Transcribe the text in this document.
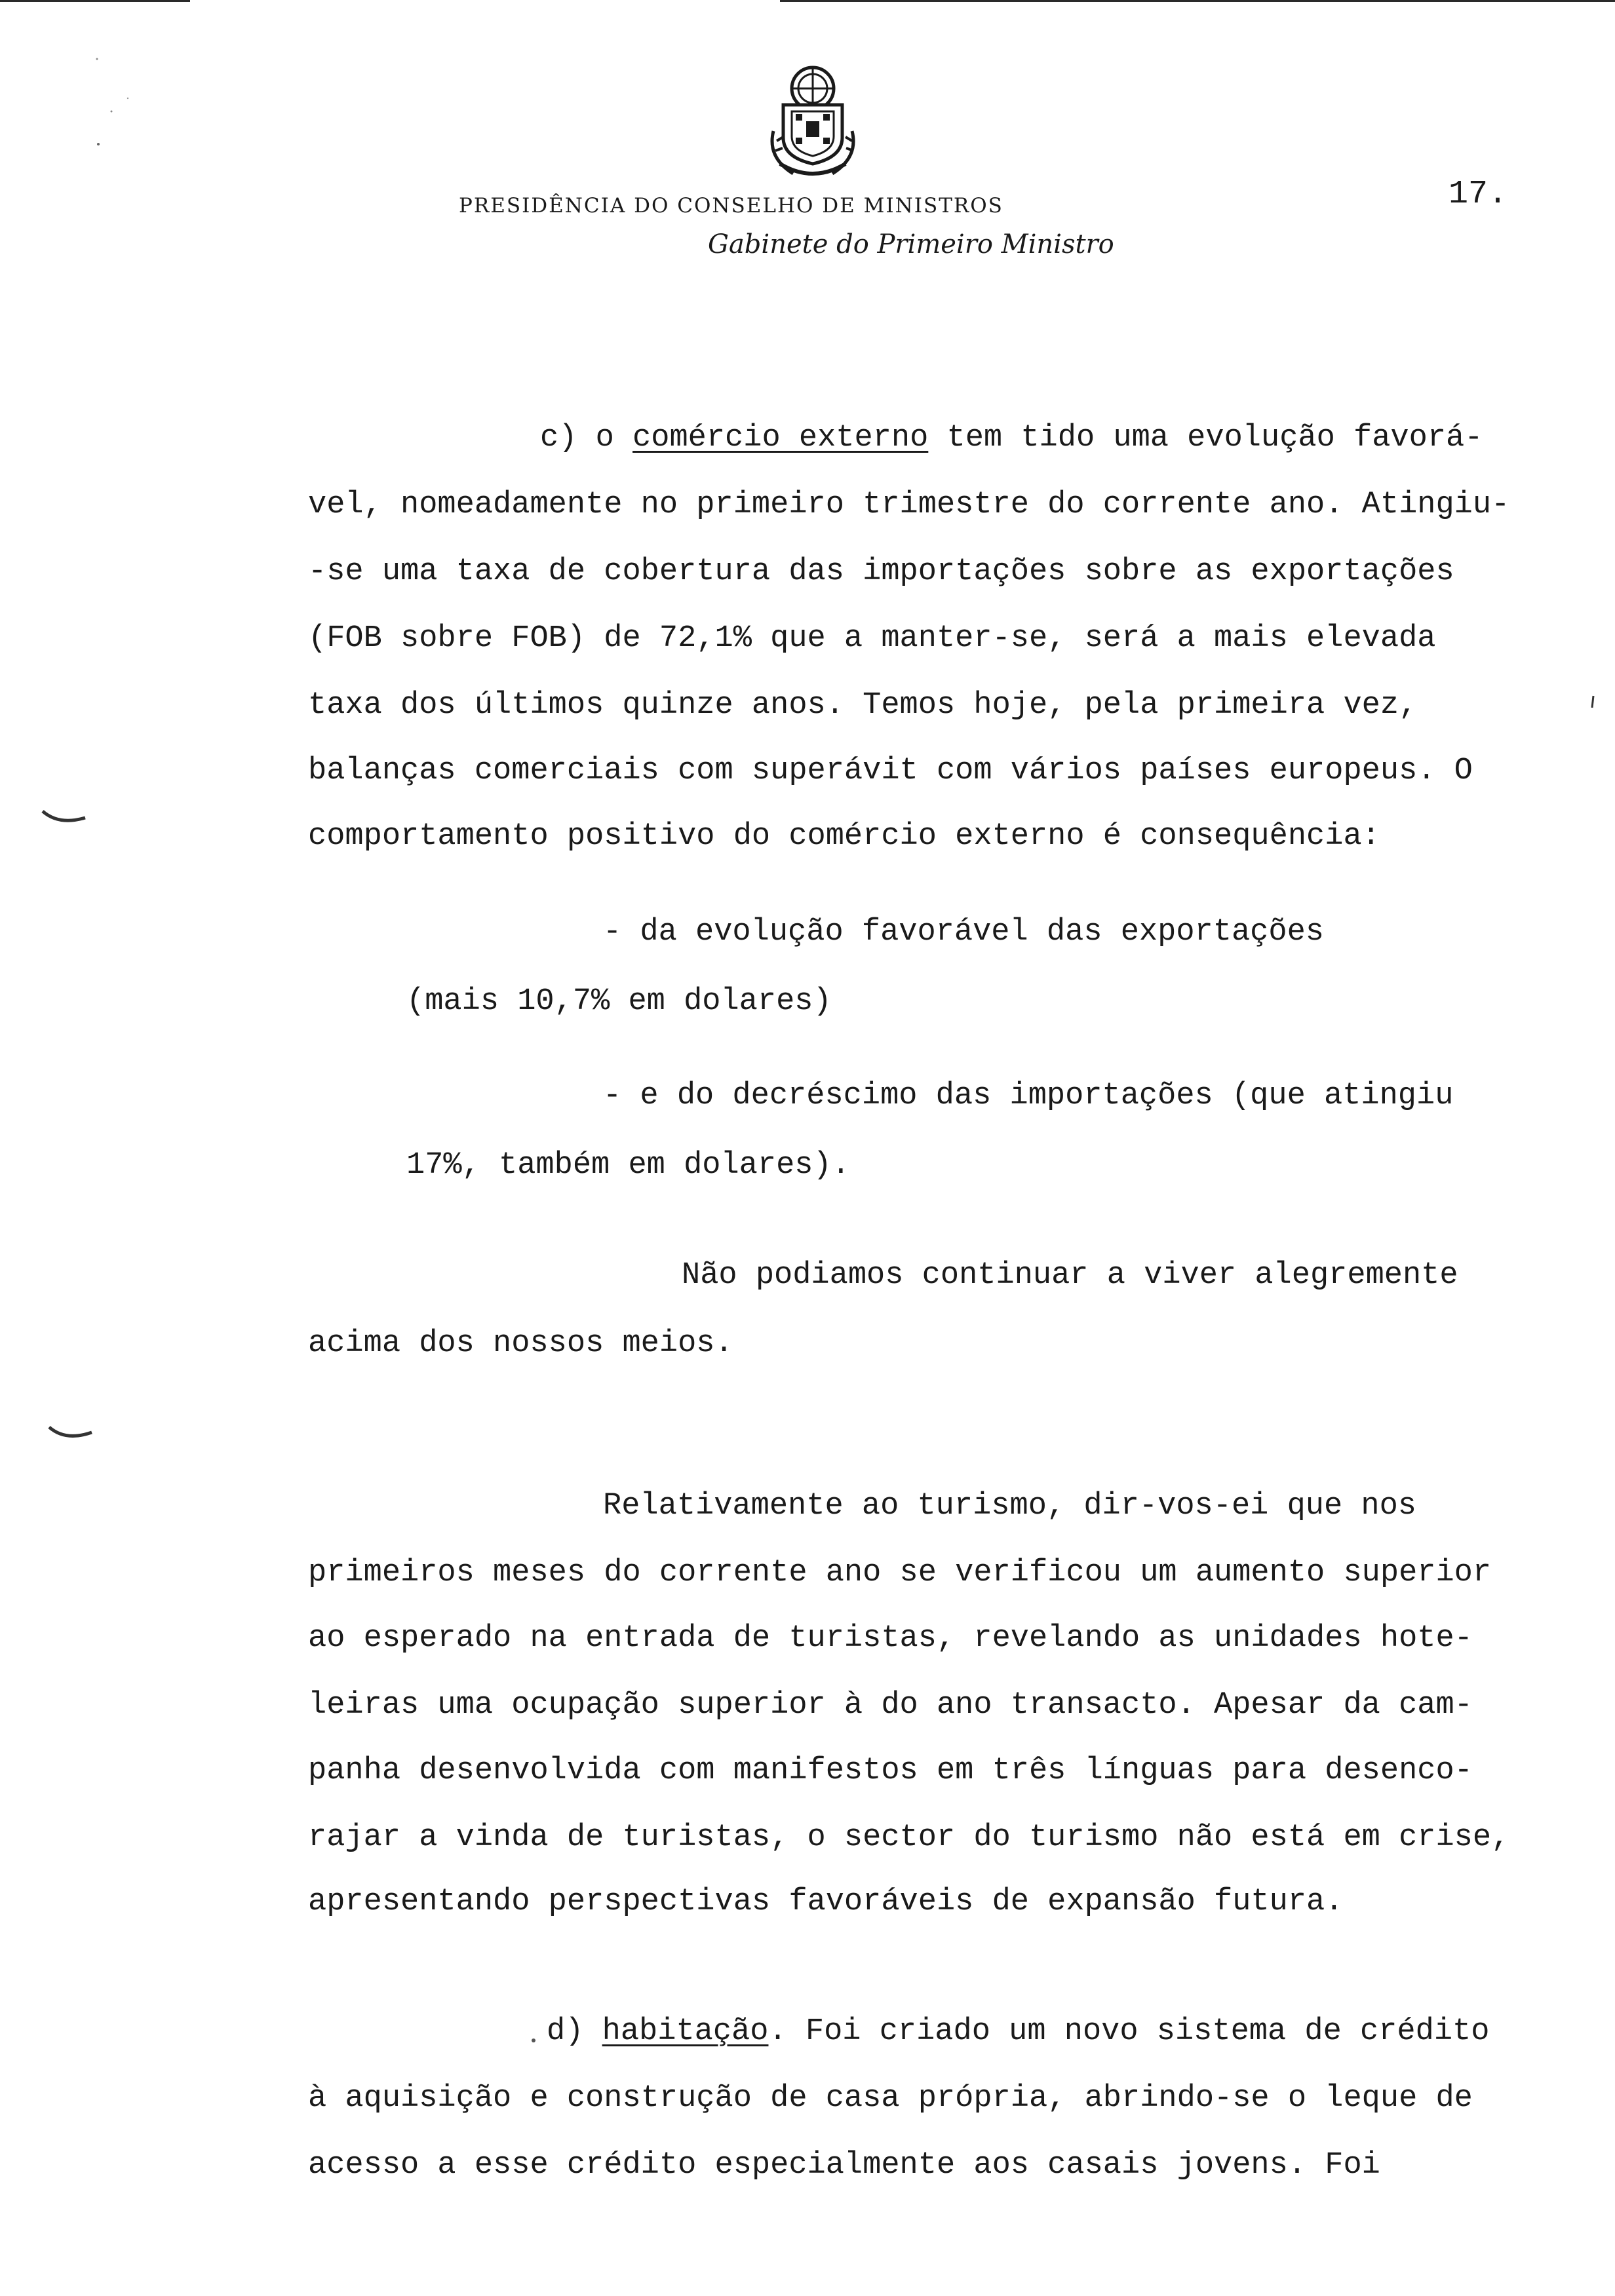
PRESIDÊNCIA DO CONSELHO DE MINISTROS
Gabinete do Primeiro Ministro
17.
c) o comércio externo tem tido uma evolução favorá-
vel, nomeadamente no primeiro trimestre do corrente ano. Atingiu-
-se uma taxa de cobertura das importações sobre as exportações
(FOB sobre FOB) de 72,1% que a manter-se, será a mais elevada
taxa dos últimos quinze anos. Temos hoje, pela primeira vez,
balanças comerciais com superávit com vários países europeus. O
comportamento positivo do comércio externo é consequência:
- da evolução favorável das exportações
(mais 10,7% em dolares)
- e do decréscimo das importações (que atingiu
17%, também em dolares).
Não podiamos continuar a viver alegremente
acima dos nossos meios.
Relativamente ao turismo, dir-vos-ei que nos
primeiros meses do corrente ano se verificou um aumento superior
ao esperado na entrada de turistas, revelando as unidades hote-
leiras uma ocupação superior à do ano transacto. Apesar da cam-
panha desenvolvida com manifestos em três línguas para desenco-
rajar a vinda de turistas, o sector do turismo não está em crise,
apresentando perspectivas favoráveis de expansão futura.
d) habitação. Foi criado um novo sistema de crédito
à aquisição e construção de casa própria, abrindo-se o leque de
acesso a esse crédito especialmente aos casais jovens. Foi
